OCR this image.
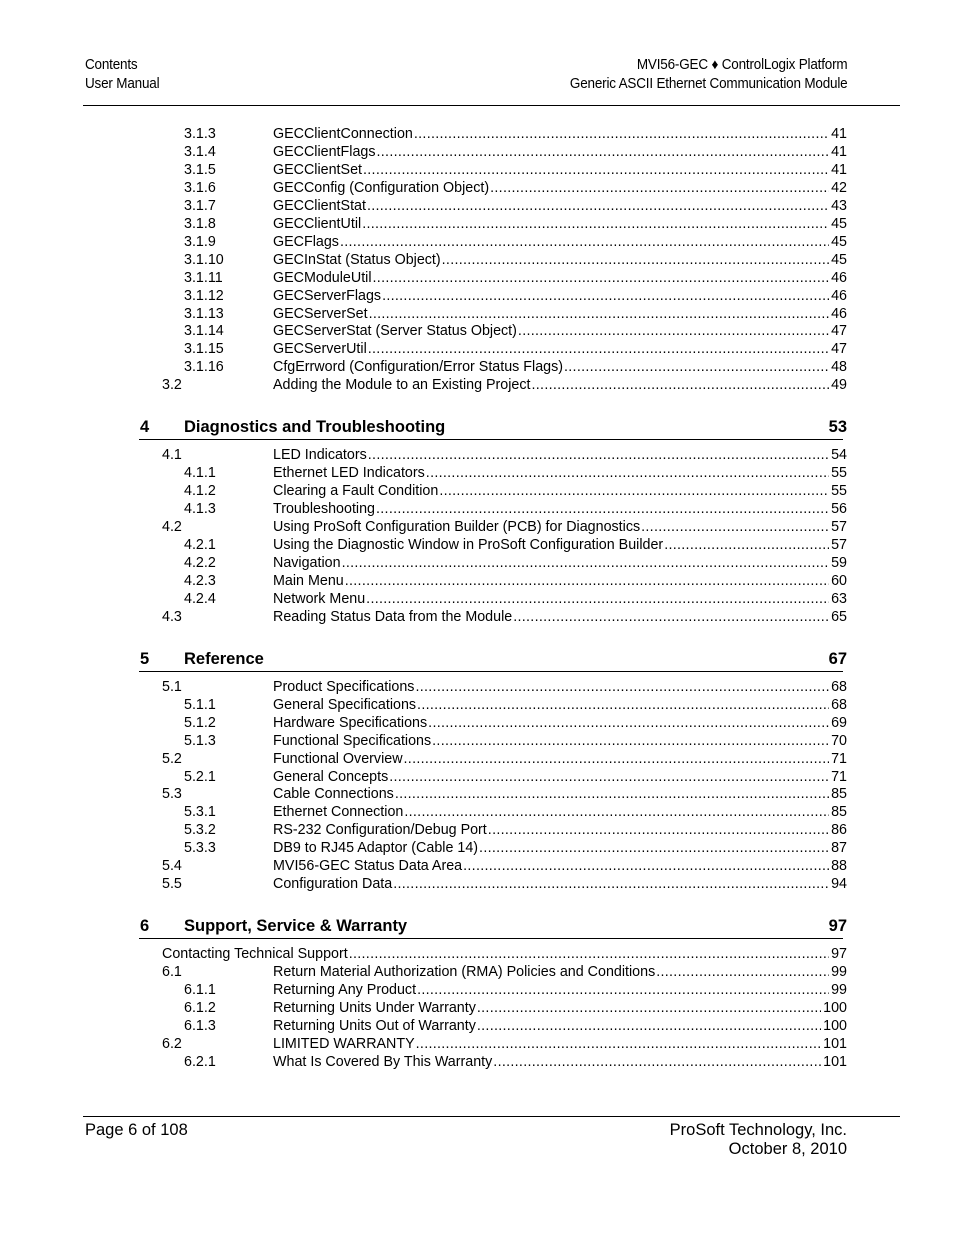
Contents
User Manual
MVI56-GEC ♦ ControlLogix Platform
Generic ASCII Ethernet Communication Module
3.1.3	GECClientConnection .....	41
3.1.4	GECClientFlags .....	41
3.1.5	GECClientSet .....	41
3.1.6	GECConfig (Configuration Object) .....	42
3.1.7	GECClientStat .....	43
3.1.8	GECClientUtil .....	45
3.1.9	GECFlags .....	45
3.1.10	GECInStat (Status Object) .....	45
3.1.11	GECModuleUtil .....	46
3.1.12	GECServerFlags .....	46
3.1.13	GECServerSet .....	46
3.1.14	GECServerStat (Server Status Object) .....	47
3.1.15	GECServerUtil .....	47
3.1.16	CfgErrword (Configuration/Error Status Flags) .....	48
3.2	Adding the Module to an Existing Project .....	49
4 Diagnostics and Troubleshooting	53
4.1	LED Indicators .....	54
4.1.1	Ethernet LED Indicators .....	55
4.1.2	Clearing a Fault Condition .....	55
4.1.3	Troubleshooting .....	56
4.2	Using ProSoft Configuration Builder (PCB) for Diagnostics .....	57
4.2.1	Using the Diagnostic Window in ProSoft Configuration Builder .....	57
4.2.2	Navigation .....	59
4.2.3	Main Menu .....	60
4.2.4	Network Menu .....	63
4.3	Reading Status Data from the Module .....	65
5 Reference	67
5.1	Product Specifications .....	68
5.1.1	General Specifications .....	68
5.1.2	Hardware Specifications .....	69
5.1.3	Functional Specifications .....	70
5.2	Functional Overview .....	71
5.2.1	General Concepts .....	71
5.3	Cable Connections .....	85
5.3.1	Ethernet Connection .....	85
5.3.2	RS-232 Configuration/Debug Port .....	86
5.3.3	DB9 to RJ45 Adaptor (Cable 14) .....	87
5.4	MVI56-GEC Status Data Area .....	88
5.5	Configuration Data .....	94
6 Support, Service & Warranty	97
Contacting Technical Support .....	97
6.1	Return Material Authorization (RMA) Policies and Conditions .....	99
6.1.1	Returning Any Product .....	99
6.1.2	Returning Units Under Warranty .....	100
6.1.3	Returning Units Out of Warranty .....	100
6.2	LIMITED WARRANTY .....	101
6.2.1	What Is Covered By This Warranty .....	101
Page 6 of 108	ProSoft Technology, Inc.
October 8, 2010
